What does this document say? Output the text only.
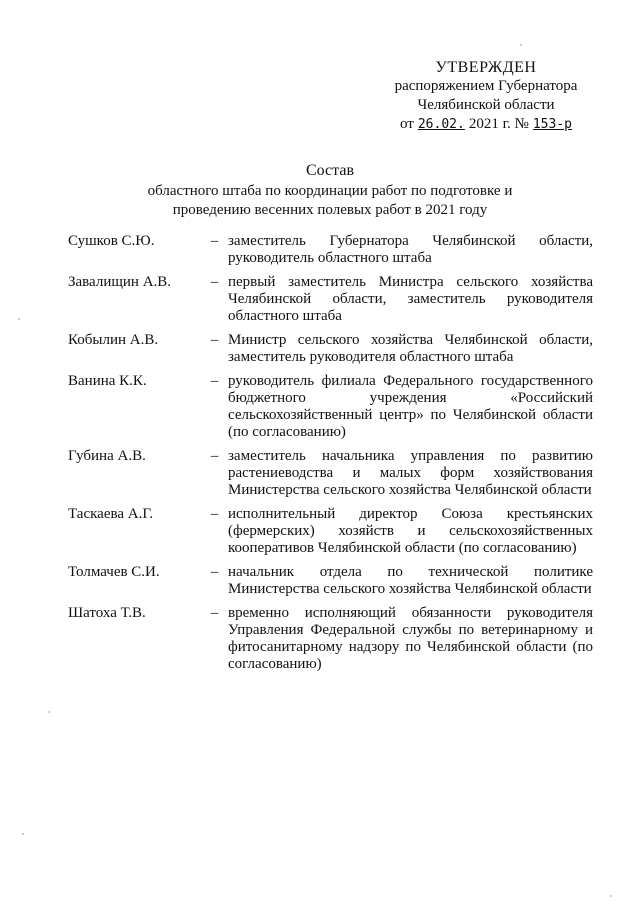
УТВЕРЖДЕН
распоряжением Губернатора
Челябинской области
от 26.02. 2021 г. № 153-р
Состав
областного штаба по координации работ по подготовке и
проведению весенних полевых работ в 2021 году
Сушков С.Ю.	– заместитель Губернатора Челябинской области, руководитель областного штаба
Завалищин А.В.	– первый заместитель Министра сельского хозяйства Челябинской области, заместитель руководителя областного штаба
Кобылин А.В.	– Министр сельского хозяйства Челябинской области, заместитель руководителя областного штаба
Ванина К.К.	– руководитель филиала Федерального государственного бюджетного учреждения «Российский сельскохозяйственный центр» по Челябинской области (по согласованию)
Губина А.В.	– заместитель начальника управления по развитию растениеводства и малых форм хозяйствования Министерства сельского хозяйства Челябинской области
Таскаева А.Г.	– исполнительный директор Союза крестьянских (фермерских) хозяйств и сельскохозяйственных кооперативов Челябинской области (по согласованию)
Толмачев С.И.	– начальник отдела по технической политике Министерства сельского хозяйства Челябинской области
Шатоха Т.В.	– временно исполняющий обязанности руководителя Управления Федеральной службы по ветеринарному и фитосанитарному надзору по Челябинской области (по согласованию)
